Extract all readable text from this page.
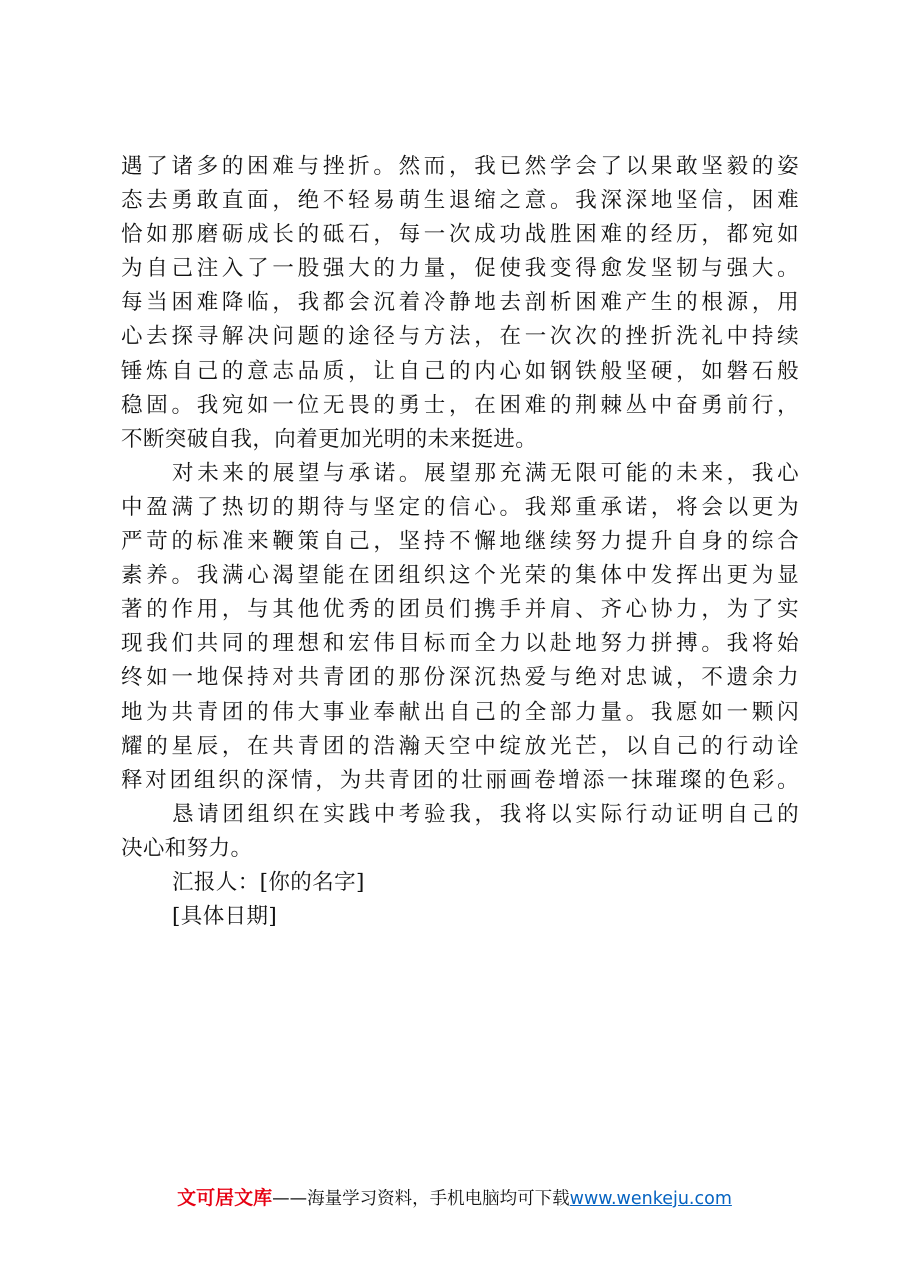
遇了诸多的困难与挫折。然而，我已然学会了以果敢坚毅的姿
态去勇敢直面，绝不轻易萌生退缩之意。我深深地坚信，困难
恰如那磨砺成长的砥石，每一次成功战胜困难的经历，都宛如
为自己注入了一股强大的力量，促使我变得愈发坚韧与强大。
每当困难降临，我都会沉着冷静地去剖析困难产生的根源，用
心去探寻解决问题的途径与方法，在一次次的挫折洗礼中持续
锤炼自己的意志品质，让自己的内心如钢铁般坚硬，如磐石般
稳固。我宛如一位无畏的勇士，在困难的荆棘丛中奋勇前行，
不断突破自我，向着更加光明的未来挺进。
对未来的展望与承诺。展望那充满无限可能的未来，我心
中盈满了热切的期待与坚定的信心。我郑重承诺，将会以更为
严苛的标准来鞭策自己，坚持不懈地继续努力提升自身的综合
素养。我满心渴望能在团组织这个光荣的集体中发挥出更为显
著的作用，与其他优秀的团员们携手并肩、齐心协力，为了实
现我们共同的理想和宏伟目标而全力以赴地努力拼搏。我将始
终如一地保持对共青团的那份深沉热爱与绝对忠诚，不遗余力
地为共青团的伟大事业奉献出自己的全部力量。我愿如一颗闪
耀的星辰，在共青团的浩瀚天空中绽放光芒，以自己的行动诠
释对团组织的深情，为共青团的壮丽画卷增添一抹璀璨的色彩。
恳请团组织在实践中考验我，我将以实际行动证明自己的
决心和努力。
汇报人：[你的名字]
[具体日期]
文可居文库——海量学习资料，手机电脑均可下载www.wenkeju.com
